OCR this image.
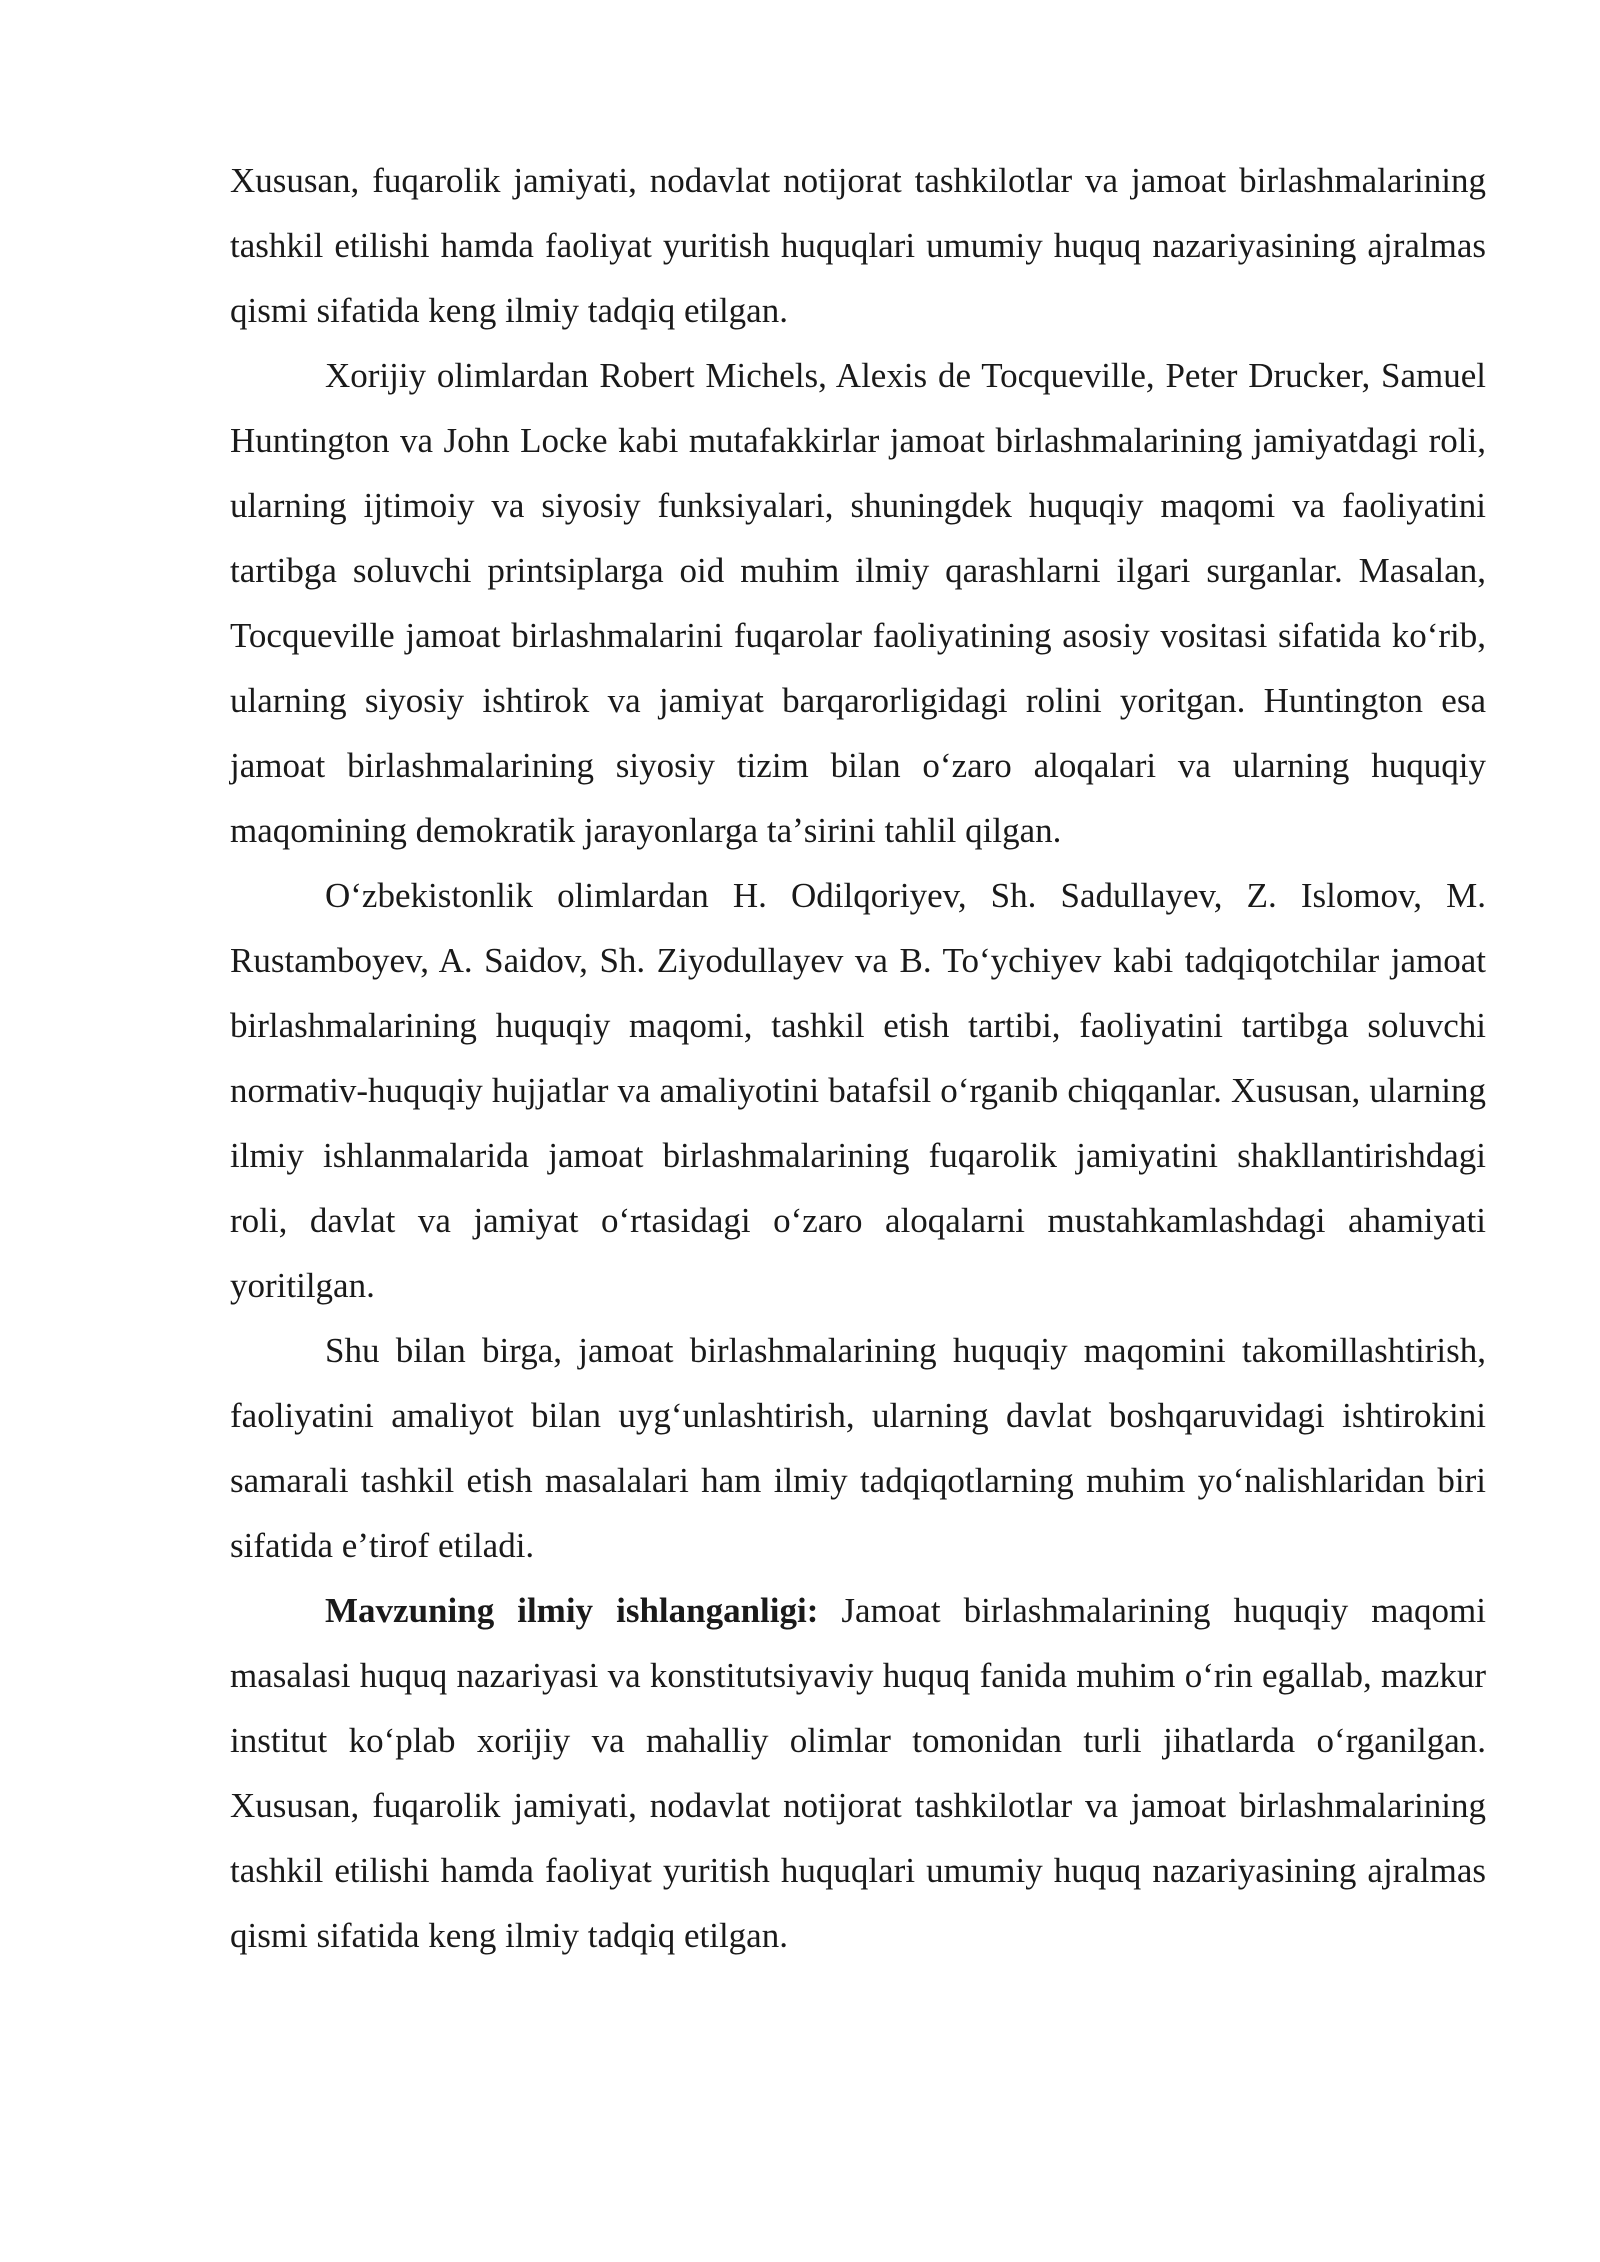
Xususan, fuqarolik jamiyati, nodavlat notijorat tashkilotlar va jamoat birlashmalarining tashkil etilishi hamda faoliyat yuritish huquqlari umumiy huquq nazariyasining ajralmas qismi sifatida keng ilmiy tadqiq etilgan.

Xorijiy olimlardan Robert Michels, Alexis de Tocqueville, Peter Drucker, Samuel Huntington va John Locke kabi mutafakkirlar jamoat birlashmalarining jamiyatdagi roli, ularning ijtimoiy va siyosiy funksiyalari, shuningdek huquqiy maqomi va faoliyatini tartibga soluvchi printsiplarga oid muhim ilmiy qarashlarni ilgari surganlar. Masalan, Tocqueville jamoat birlashmalarini fuqarolar faoliyatining asosiy vositasi sifatida koʻrib, ularning siyosiy ishtirok va jamiyat barqarorligidagi rolini yoritgan. Huntington esa jamoat birlashmalarining siyosiy tizim bilan oʻzaro aloqalari va ularning huquqiy maqomining demokratik jarayonlarga taʼsirini tahlil qilgan.

Oʻzbekistonlik olimlardan H. Odilqoriyev, Sh. Sadullayev, Z. Islomov, M. Rustamboyev, A. Saidov, Sh. Ziyodullayev va B. Toʻychiyev kabi tadqiqotchilar jamoat birlashmalarining huquqiy maqomi, tashkil etish tartibi, faoliyatini tartibga soluvchi normativ-huquqiy hujjatlar va amaliyotini batafsil oʻrganib chiqqanlar. Xususan, ularning ilmiy ishlanmalarida jamoat birlashmalarining fuqarolik jamiyatini shakllantirishdagi roli, davlat va jamiyat oʻrtasidagi oʻzaro aloqalarni mustahkamlashdagi ahamiyati yoritilgan.

Shu bilan birga, jamoat birlashmalarining huquqiy maqomini takomillashtirish, faoliyatini amaliyot bilan uygʻunlashtirish, ularning davlat boshqaruvidagi ishtirokini samarali tashkil etish masalalari ham ilmiy tadqiqotlarning muhim yoʻnalishlaridan biri sifatida eʼtirof etiladi.

Mavzuning ilmiy ishlanganligi: Jamoat birlashmalarining huquqiy maqomi masalasi huquq nazariyasi va konstitutsiyaviy huquq fanida muhim oʻrin egallab, mazkur institut koʻplab xorijiy va mahalliy olimlar tomonidan turli jihatlarda oʻrganilgan. Xususan, fuqarolik jamiyati, nodavlat notijorat tashkilotlar va jamoat birlashmalarining tashkil etilishi hamda faoliyat yuritish huquqlari umumiy huquq nazariyasining ajralmas qismi sifatida keng ilmiy tadqiq etilgan.
